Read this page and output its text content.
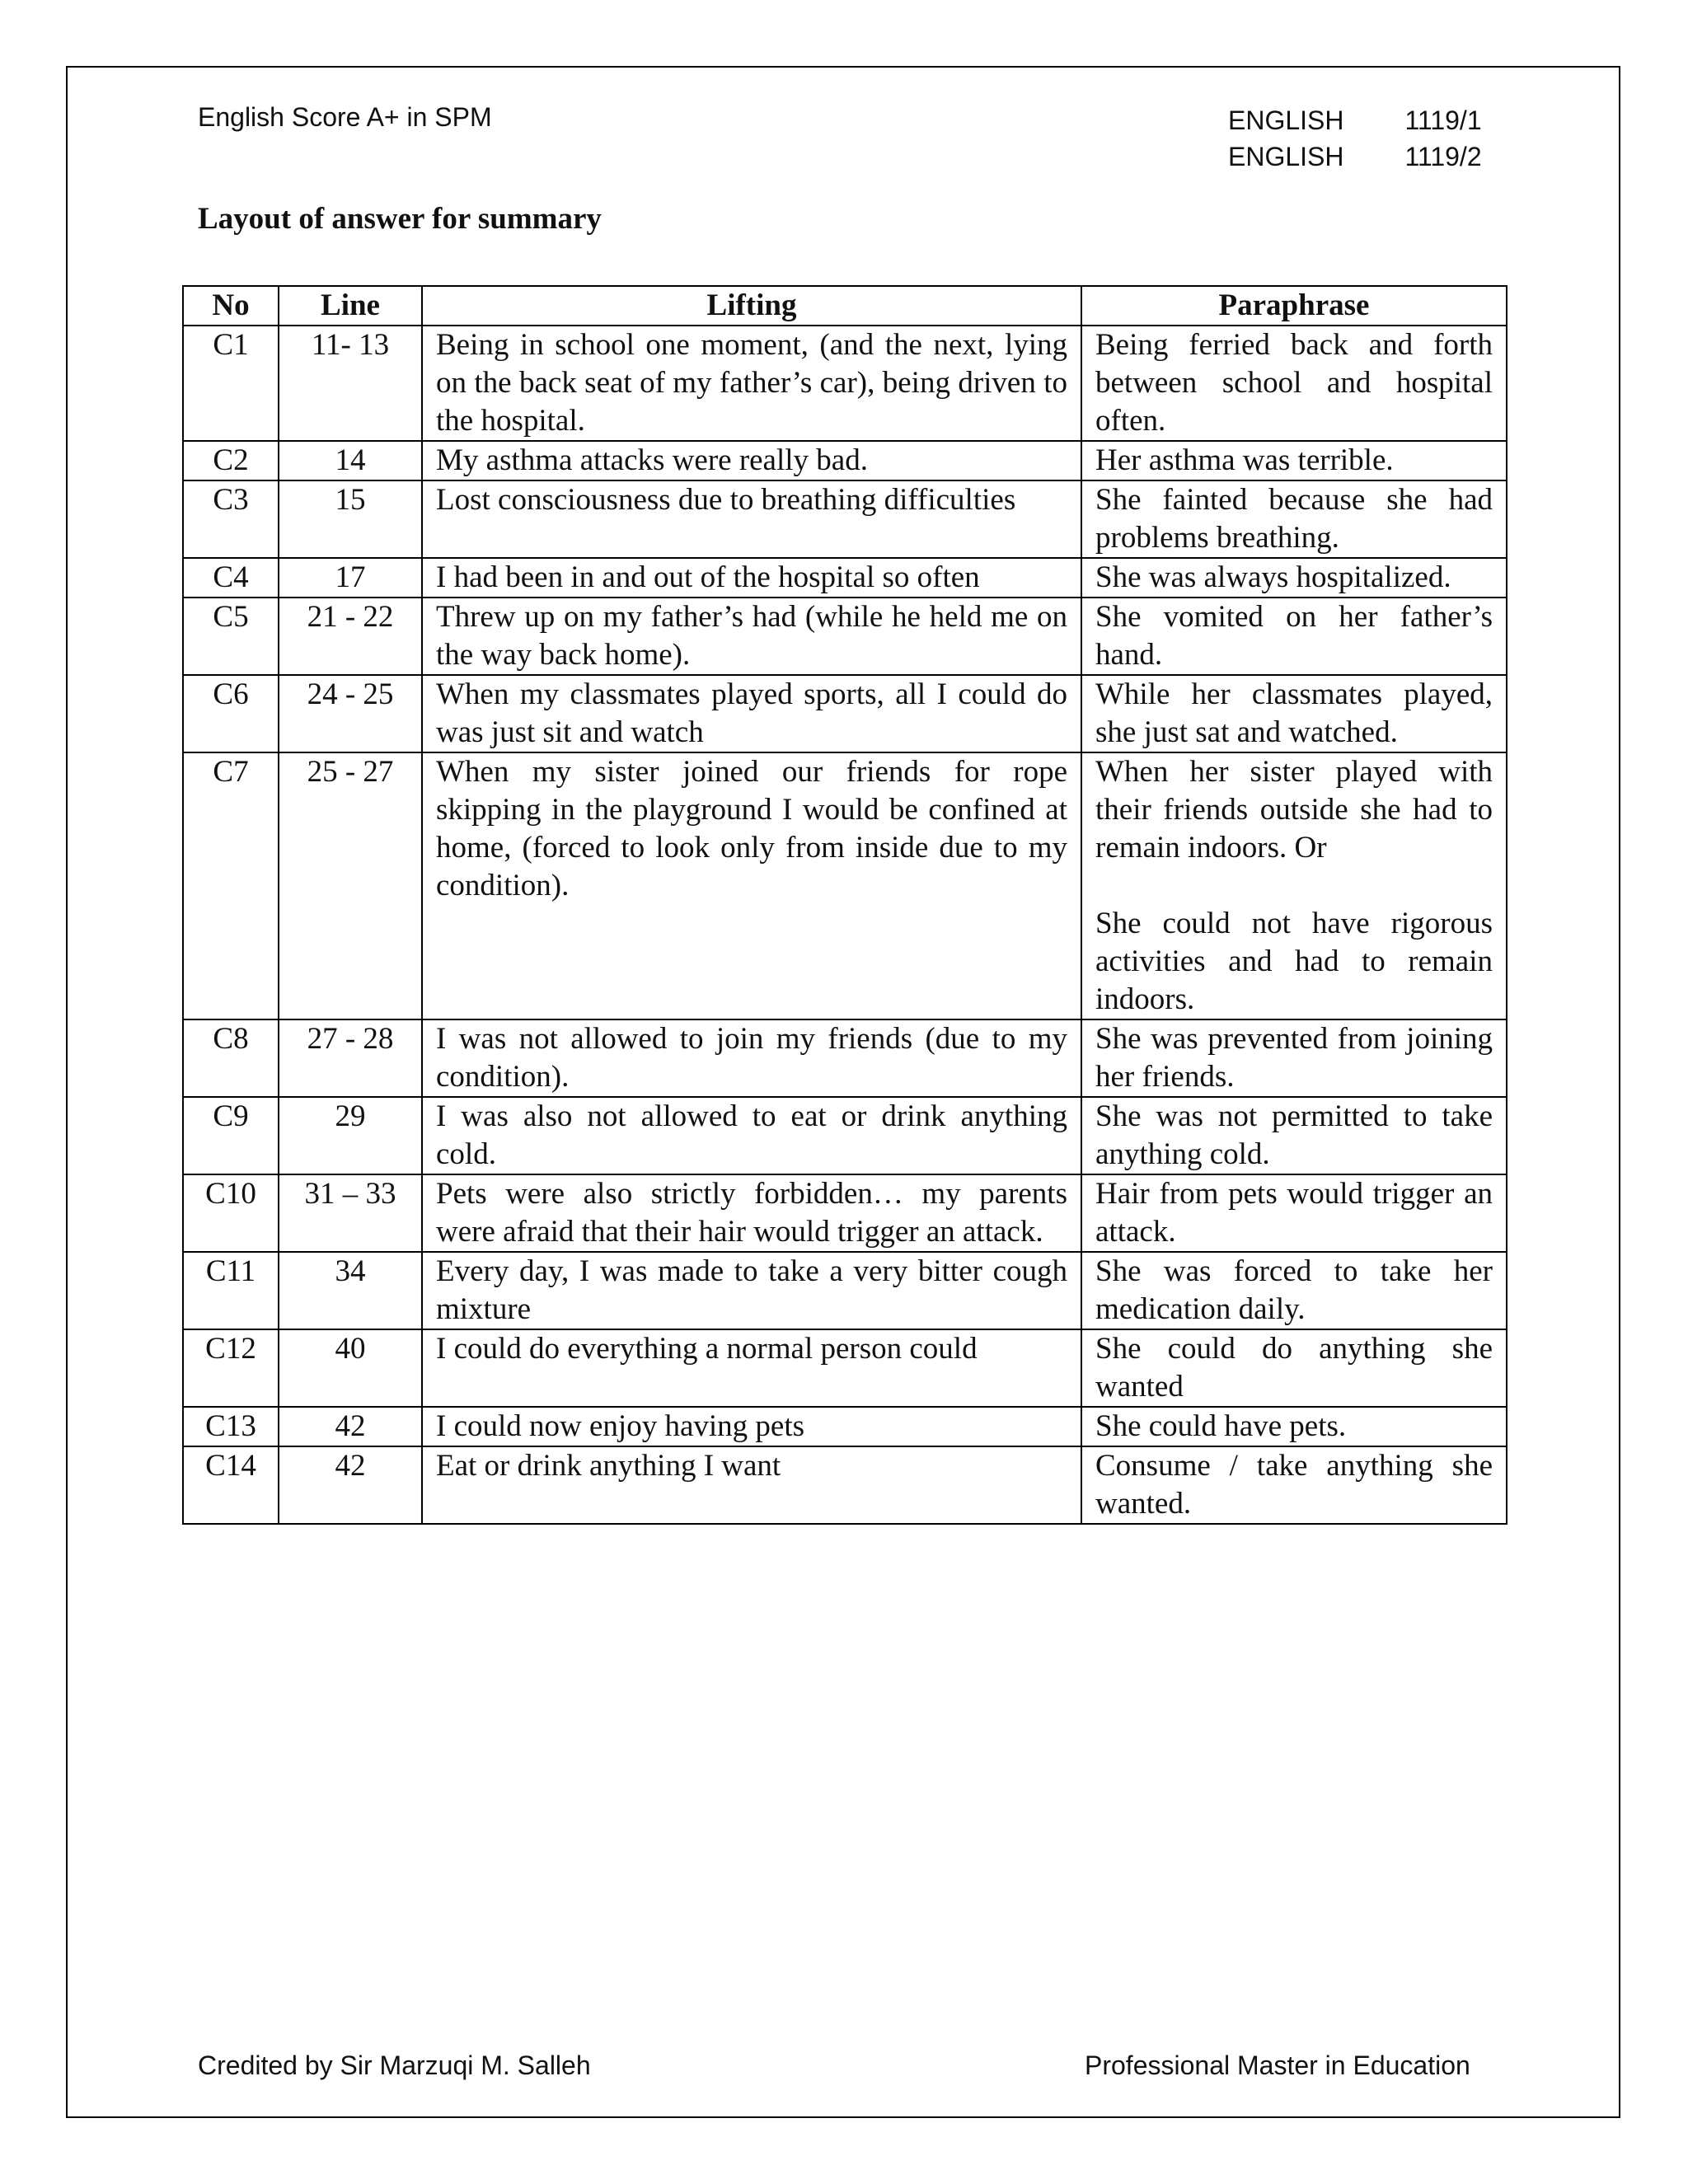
English Score A+ in SPM	ENGLISH 1119/1
ENGLISH 1119/2
Layout of answer for summary
No	Line	Lifting	Paraphrase
C1	11- 13	Being in school one moment, (and the next, lying on the back seat of my father’s car), being driven to the hospital.	Being ferried back and forth between school and hospital often.
C2	14	My asthma attacks were really bad.	Her asthma was terrible.
C3	15	Lost consciousness due to breathing difficulties	She fainted because she had problems breathing.
C4	17	I had been in and out of the hospital so often	She was always hospitalized.
C5	21 - 22	Threw up on my father’s had (while he held me on the way back home).	She vomited on her father’s hand.
C6	24 - 25	When my classmates played sports, all I could do was just sit and watch	While her classmates played, she just sat and watched.
C7	25 - 27	When my sister joined our friends for rope skipping in the playground I would be confined at home, (forced to look only from inside due to my condition).	When her sister played with their friends outside she had to remain indoors. Or

She could not have rigorous activities and had to remain indoors.
C8	27 - 28	I was not allowed to join my friends (due to my condition).	She was prevented from joining her friends.
C9	29	I was also not allowed to eat or drink anything cold.	She was not permitted to take anything cold.
C10	31 – 33	Pets were also strictly forbidden… my parents were afraid that their hair would trigger an attack.	Hair from pets would trigger an attack.
C11	34	Every day, I was made to take a very bitter cough mixture	She was forced to take her medication daily.
C12	40	I could do everything a normal person could	She could do anything she wanted
C13	42	I could now enjoy having pets	She could have pets.
C14	42	Eat or drink anything I want	Consume / take anything she wanted.
Credited by Sir Marzuqi M. Salleh	Professional Master in Education
